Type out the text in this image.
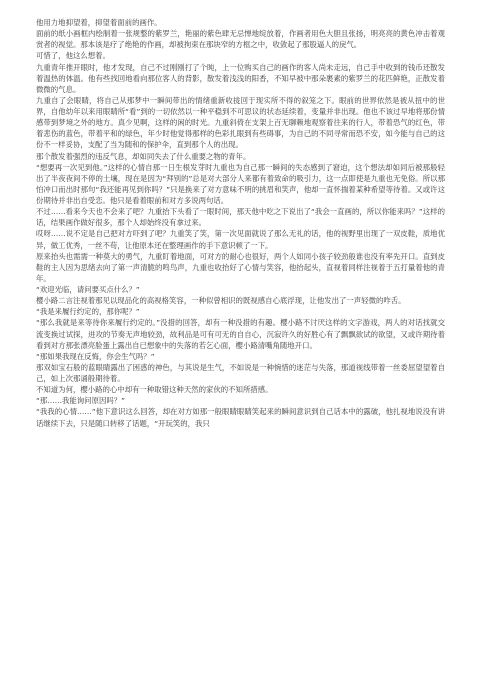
他用力地抑望着，抑望着面前的画作。

面前的纸小画框内绘制着一张规整的紫罗兰，艳丽的紫色肆无忌惮地绽放着，作画者用色大胆且张扬，明亮亮的黄色冲击着观赏者的视觉。那本该是疗了绝艳的作画，却被拘束在那块窄的方框之中，收敛起了那股逼人的戾气。

可惜了，他这么想着。

九重青年推开眼时，他才发现，自己不过刚刚打了个盹，上一位购买自己的画作的客人尚未走远，自己手中收到的钱币还散发着温热的体温。他有些找回地看向那位客人的背影，散发着浅浅的阳香，不知早被中那朵裹素的紫罗兰的花匹鲜艳，正散发着微微的气息。

九重自了会眼睛，将自己从那梦中一瞬间带出的情绪重新收拢回于现实所不得的叙笼之下。眼前的世界依然是被从扭中的世界，自他幼年以来用眼睛所“看”到的一切依然以一种平稳到不可思议的状态延续着，变量并非出现。他也不该过早地将那份情感带到梦境之外的地方。真少见啊，这样的闲的时光。九重斜倚在支架上百无聊赖地观察着往来的行人，带着恐气的红色，带着悲伤的蓝色，带着平和的绿色，年少时他觉得那样的色彩扎眼到有些碍事，为自己的不同寻常而恐不安，如今能与自己的这份不一样妥协，支配了当为随和的保护伞，直到那个人的出现。

那个散发着强烈的违反气息，却如同失去了什么重要之物的青年。

“想要再一次见到他。”这样的心情自那一日生根发芽时九重也为自己那一瞬间的失态感到了窘迫，这个想法却如同后被那般轻出了半夜夜间不停的土壤，现在是因为“拜别的”总是对大部分人来都有着致命的吸引力，这一点即使是九重也无免俗。所以那怕冲口而出时那句“我还能再见到你吗？”只是换来了对方意味不明的挑眉和笑声，他却一直怀揣着某种希望等待着。又或许这份期待并非出自受恋。他只是看着眼前和对方多说两句话。

不过……看来今天也不会来了吧？九重抬下头看了一眼时间，那天他中吃之下说出了“我会一直画的，所以你能来吗？”这样的话，结果画作做好很多，那个人却始终没有拿过来。

哎呀……说不定是自己把对方吓到了吧？九重笑了笑，第一次见面就说了那么无礼的话，他的视野里出现了一双皮鞋，质地优异，做工优秀，一丝不苟，让他原本还在整理画作的手下意识顿了一下。

原来抬头也需需一种莫大的勇气，九重盯着地面，可对方的耐心也很好，两个人如同小孩子较劲般谁也没有率先开口。直到皮鞋的主人因为思绪去向了第一声清脆的鸣鸟声，九重也收抬好了心情与笑容，他抬起头，直视着同样注视着于五打量着他的青年。

“欢迎光临，请问要买点什么？”

樱小路二言注视着那见以现品化的高视格笑容，一种似曾相识的既视感自心底浮现，让他发出了一声轻微的咋舌。

“我是来履行约定的，那你呢？”

“那么我就是来等待你来履行约定的。”没措的回答，却有一种没措的有趣。樱小路不讨厌这样的文字游戏，两人的对话找就交流变换过试探，进攻的节奏无声地较劲，故利品是可有可无的自自心，沉寂许久的好胜心有了飘飘欲试的欲望，又或许期待着看到对方那张漂亮脸蛋上露出自已想象中的失落的若乞心面，樱小路清嘴角随地开口。

“那如果我现在反悔，你会生气吗？”

那双如宝石般的蓝眼睛露出了困惑的神色，与其说是生气，不如说是一种惋惜的迷茫与失落，那道视线带着一丝委屈望望着自己，如上次那诵般期待着。

不知道为何，樱小路的心中却有一种取错这种天然的家伙的不知所措感。

“那……我能询问原因吗？”

“我我的心情……”他下意识这么回答，却在对方如那一般眼睛眼睛笑起来的瞬间意识到自己话本中的露破，他扎视地说没有讲话继续下去，只是随口转移了话题，“开玩笑的，我只
